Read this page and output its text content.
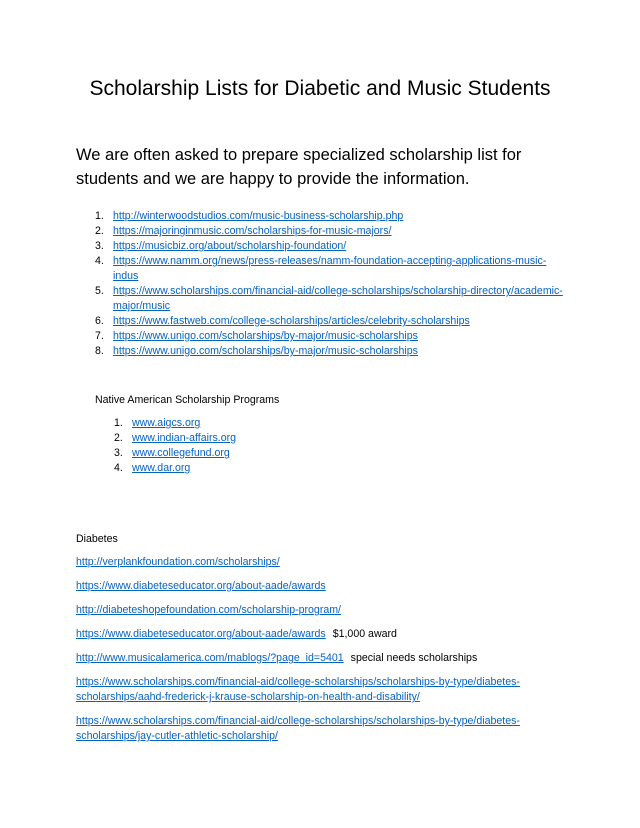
Scholarship Lists for Diabetic and Music Students
We are often asked to prepare specialized scholarship list for students and we are happy to provide the information.
1. http://winterwoodstudios.com/music-business-scholarship.php
2. https://majoringinmusic.com/scholarships-for-music-majors/
3. https://musicbiz.org/about/scholarship-foundation/
4. https://www.namm.org/news/press-releases/namm-foundation-accepting-applications-music-indus
5. https://www.scholarships.com/financial-aid/college-scholarships/scholarship-directory/academic-major/music
6. https://www.fastweb.com/college-scholarships/articles/celebrity-scholarships
7. https://www.unigo.com/scholarships/by-major/music-scholarships
8. https://www.unigo.com/scholarships/by-major/music-scholarships
Native American Scholarship Programs
1. www.aigcs.org
2. www.indian-affairs.org
3. www.collegefund.org
4. www.dar.org
Diabetes

http://verplankfoundation.com/scholarships/

https://www.diabeteseducator.org/about-aade/awards

http://diabeteshopefoundation.com/scholarship-program/

https://www.diabeteseducator.org/about-aade/awards $1,000 award

http://www.musicalamerica.com/mablogs/?page_id=5401 special needs scholarships

https://www.scholarships.com/financial-aid/college-scholarships/scholarships-by-type/diabetes-scholarships/aahd-frederick-j-krause-scholarship-on-health-and-disability/

https://www.scholarships.com/financial-aid/college-scholarships/scholarships-by-type/diabetes-scholarships/jay-cutler-athletic-scholarship/
